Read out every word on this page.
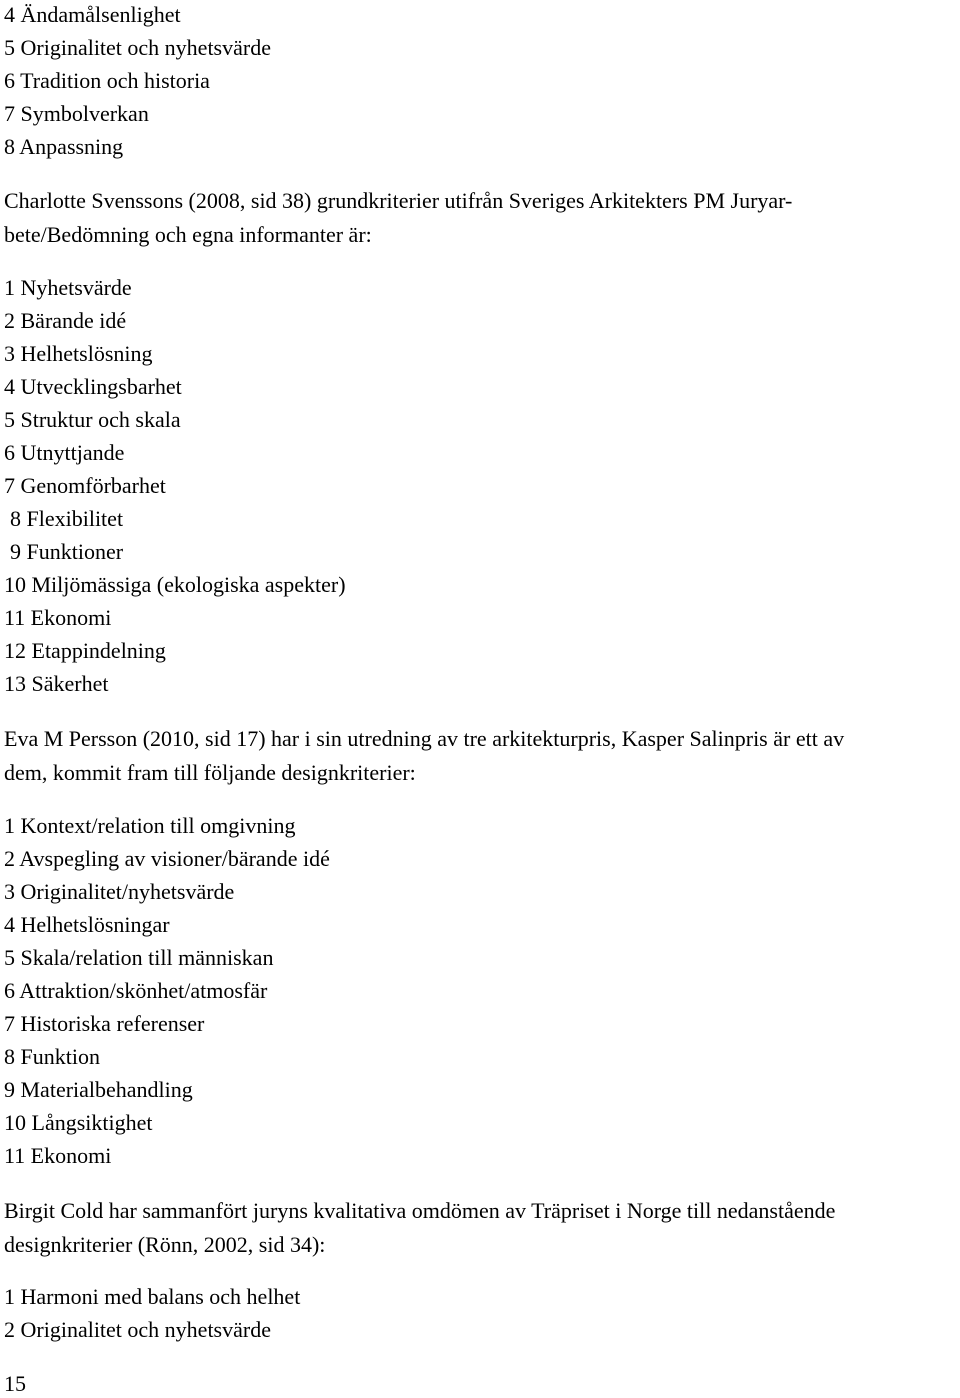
4 Ändamålsenlighet
5 Originalitet och nyhetsvärde
6 Tradition och historia
7 Symbolverkan
8 Anpassning
Charlotte Svenssons (2008, sid 38) grundkriterier utifrån Sveriges Arkitekters PM Juryar-
bete/Bedömning och egna informanter är:
1 Nyhetsvärde
2 Bärande idé
3 Helhetslösning
4 Utvecklingsbarhet
5 Struktur och skala
6 Utnyttjande
7 Genomförbarhet
8 Flexibilitet
9 Funktioner
10 Miljömässiga (ekologiska aspekter)
11 Ekonomi
12 Etappindelning
13 Säkerhet
Eva M Persson (2010, sid 17) har i sin utredning av tre arkitekturpris, Kasper Salinpris är ett av
dem, kommit fram till följande designkriterier:
1 Kontext/relation till omgivning
2 Avspegling av visioner/bärande idé
3 Originalitet/nyhetsvärde
4 Helhetslösningar
5 Skala/relation till människan
6 Attraktion/skönhet/atmosfär
7 Historiska referenser
8 Funktion
9 Materialbehandling
10 Långsiktighet
11 Ekonomi
Birgit Cold har sammanfört juryns kvalitativa omdömen av Träpriset i Norge till nedanstående
designkriterier (Rönn, 2002, sid 34):
1 Harmoni med balans och helhet
2 Originalitet och nyhetsvärde
15
